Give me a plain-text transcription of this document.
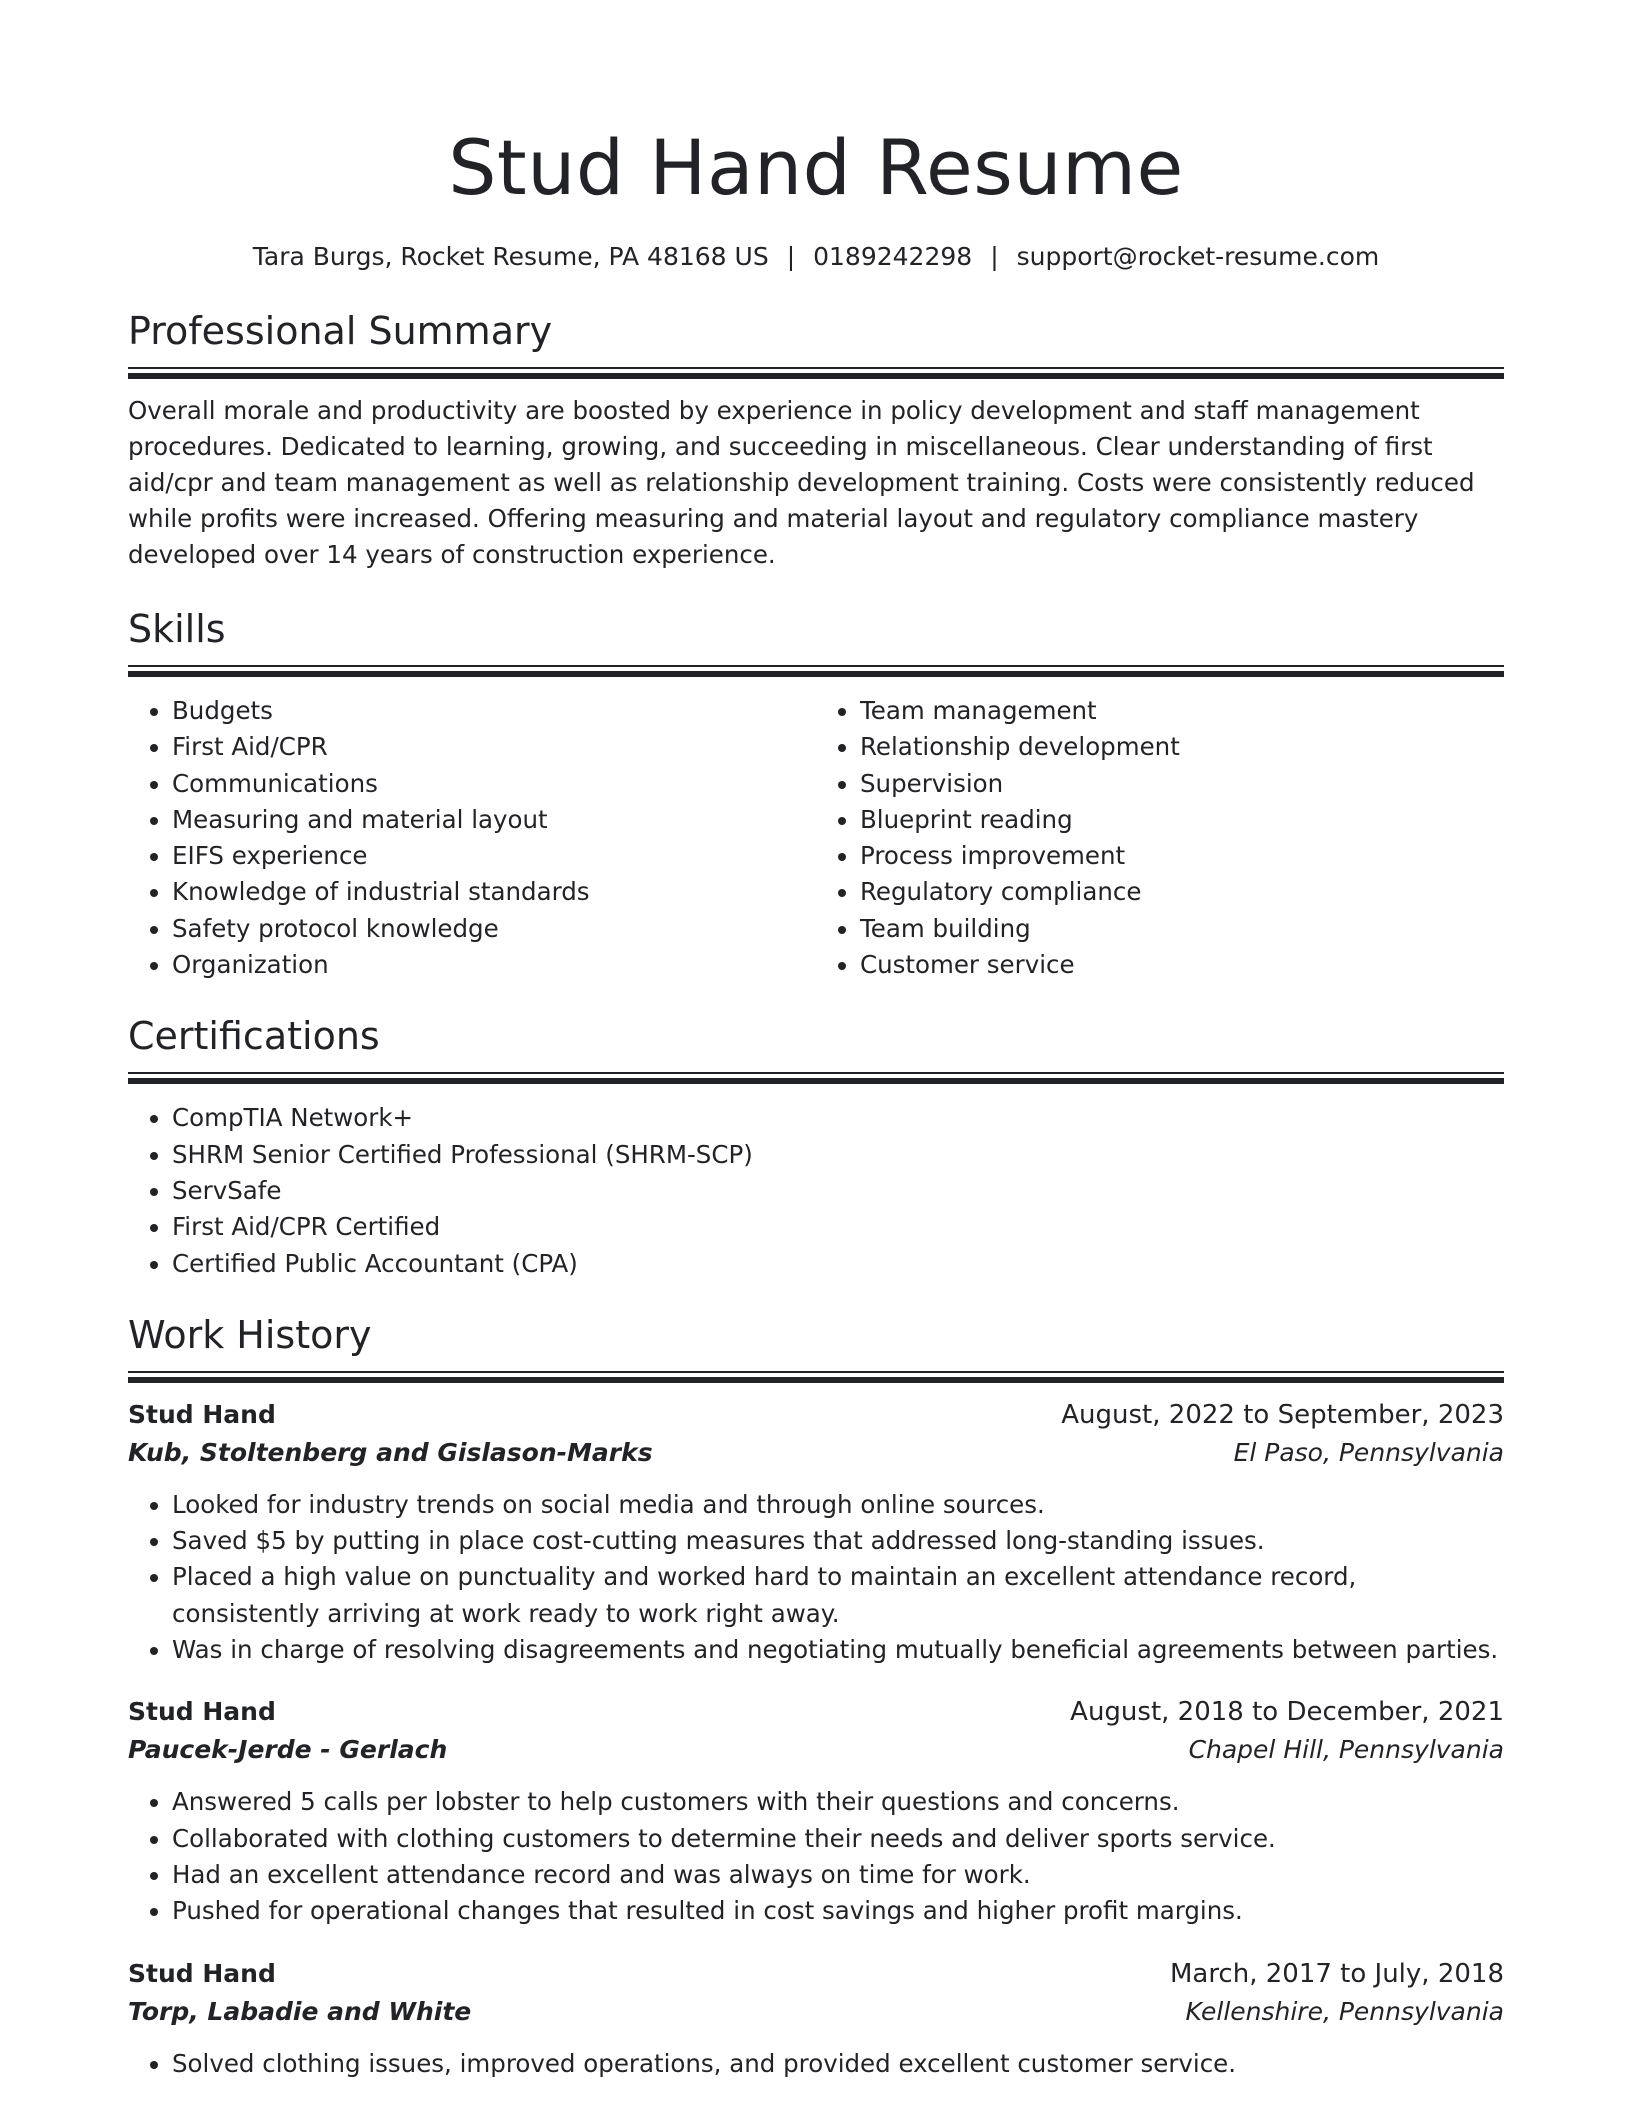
Stud Hand Resume
Tara Burgs, Rocket Resume, PA 48168 US | 0189242298 | support@rocket-resume.com
Professional Summary

Overall morale and productivity are boosted by experience in policy development and staff management procedures. Dedicated to learning, growing, and succeeding in miscellaneous. Clear understanding of first aid/cpr and team management as well as relationship development training. Costs were consistently reduced while profits were increased. Offering measuring and material layout and regulatory compliance mastery developed over 14 years of construction experience.

Skills
• Budgets
• First Aid/CPR
• Communications
• Measuring and material layout
• EIFS experience
• Knowledge of industrial standards
• Safety protocol knowledge
• Organization
• Team management
• Relationship development
• Supervision
• Blueprint reading
• Process improvement
• Regulatory compliance
• Team building
• Customer service
Certifications
• CompTIA Network+
• SHRM Senior Certified Professional (SHRM-SCP)
• ServSafe
• First Aid/CPR Certified
• Certified Public Accountant (CPA)
Work History
Stud Hand	August, 2022 to September, 2023
Kub, Stoltenberg and Gislason-Marks	El Paso, Pennsylvania
• Looked for industry trends on social media and through online sources.
• Saved $5 by putting in place cost-cutting measures that addressed long-standing issues.
• Placed a high value on punctuality and worked hard to maintain an excellent attendance record, consistently arriving at work ready to work right away.
• Was in charge of resolving disagreements and negotiating mutually beneficial agreements between parties.
Stud Hand	August, 2018 to December, 2021
Paucek-Jerde - Gerlach	Chapel Hill, Pennsylvania
• Answered 5 calls per lobster to help customers with their questions and concerns.
• Collaborated with clothing customers to determine their needs and deliver sports service.
• Had an excellent attendance record and was always on time for work.
• Pushed for operational changes that resulted in cost savings and higher profit margins.
Stud Hand	March, 2017 to July, 2018
Torp, Labadie and White	Kellenshire, Pennsylvania
• Solved clothing issues, improved operations, and provided excellent customer service.
